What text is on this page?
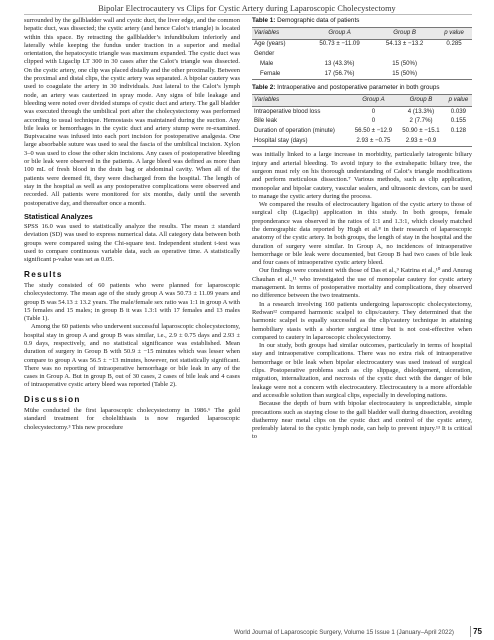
Bipolar Electrocautery vs Clips for Cystic Artery during Laparoscopic Cholecystectomy

surrounded by the gallbladder wall and cystic duct, the liver edge, and the common hepatic duct, was dissected; the cystic artery (and hence Calot’s triangle) is located within this space. By retracting the gallbladder’s infundibulum inferiorly and laterally while keeping the fundus under traction in a superior and medial orientation, the hepatocystic triangle was maximum expanded. The cystic duct was clipped with Ligaclip LT 300 in 30 cases after the Calot’s triangle was dissected. On the cystic artery, one clip was placed distally and the other proximally. Between the proximal and distal clips, the cystic artery was separated. A bipolar cautery was used to coagulate the artery in 30 individuals. Just lateral to the Calot’s lymph node, an artery was cauterized in spray mode. Any signs of bile leakage and bleeding were noted over divided stumps of cystic duct and artery. The gall bladder was executed through the umbilical port after the cholecystectomy was performed according to usual technique. Hemostasis was maintained during the suction. Any bile leaks or hemorrhages in the cystic duct and artery stump were re-examined. Bupivacaine was infused into each port incision for postoperative analgesia. One large absorbable suture was used to seal the fascia of the umbilical incision. Xylon 3–0 was used to close the other skin incisions. Any cases of postoperative bleeding or bile leak were observed in the patients. A large bleed was defined as more than 100 mL of fresh blood in the drain bag or abdominal cavity. When all of the patients were deemed fit, they were discharged from the hospital. The length of stay in the hospital as well as any postoperative complications were observed and recorded. All patients were monitored for six months, daily until the seventh postoperative day, and thereafter once a month.

Statistical Analyzes

SPSS 16.0 was used to statistically analyze the results. The mean ± standard deviation (SD) was used to express numerical data. All category data between both groups were compared using the Chi-square test. Independent student t-test was used to compare continuous variable data, such as operative time. A statistically significant p-value was set as 0.05.

Results

The study consisted of 60 patients who were planned for laparoscopic cholecystectomy. The mean age of the study group A was 50.73 ± 11.09 years and group B was 54.13 ± 13.2 years. The male/female sex ratio was 1:1 in group A with 15 females and 15 males; in group B it was 1.3:1 with 17 females and 13 males (Table 1).

Among the 60 patients who underwent successful laparoscopic cholecystectomy, hospital stay in group A and group B was similar, i.e., 2.9 ± 0.75 days and 2.93 ± 0.9 days, respectively, and no statistical significance was established. Mean duration of surgery in Group B with 50.9 ± −15 minutes which was lesser when compare to group A was 56.5 ± −13 minutes, however, not statistically significant. There was no reporting of intraoperative hemorrhage or bile leak in any of the cases in Group A. But in group B, out of 30 cases, 2 cases of bile leak and 4 cases of intraoperative cystic artery bleed was reported (Table 2).

Discussion

Mühe conducted the first laparoscopic cholecystectomy in 1986.⁶ The gold standard treatment for cholelithiasis is now regarded laparoscopic cholecystectomy.³ This new procedure

Table 1: Demographic data of patients
Variables	Group A	Group B	p value
Age (years)	50.73 ± −11.09	54.13 ± −13.2	0.285
Gender			
Male	13 (43.3%)	15 (50%)	
Female	17 (56.7%)	15 (50%)	
Table 2: Intraoperative and postoperative parameter in both groups
Variables	Group A	Group B	p value
Intraoperative blood loss	0	4 (13.3%)	0.039
Bile leak	0	2 (7.7%)	0.155
Duration of operation (minute)	56.50 ± −12.9	50.90 ± −15.1	0.128
Hospital stay (days)	2.93 ± −0.75	2.93 ± −0.9	

was initially linked to a large increase in morbidity, particularly iatrogenic biliary injury and arterial bleeding. To avoid injury to the extrahepatic biliary tree, the surgeon must rely on his thorough understanding of Calot’s triangle modifications and perform meticulous dissection.⁷ Various methods, such as clip application, monopolar and bipolar cautery, vascular sealers, and ultrasonic devices, can be used to manage the cystic artery during the process.

We compared the results of electrocautery ligation of the cystic artery to those of surgical clip (Ligaclip) application in this study. In both groups, female preponderance was observed in the ratios of 1:1 and 1.3:1, which closely matched the demographic data reported by Hugh et al.⁸ in their research of laparoscopic anatomy of the cystic artery. In both groups, the length of stay in the hospital and the duration of surgery were similar. In Group A, no incidences of intraoperative hemorrhage or bile leak were documented, but Group B had two cases of bile leak and four cases of intraoperative cystic artery bleed.

Our findings were consistent with those of Das et al.,⁹ Katrina et al.,¹⁰ and Anurag Chauhan et al.,¹¹ who investigated the use of monopolar cautery for cystic artery management. In terms of postoperative mortality and complications, they observed no difference between the two treatments.

In a research involving 160 patients undergoing laparoscopic cholecystectomy, Redwan¹² compared harmonic scalpel to clips/cautery. They determined that the harmonic scalpel is equally successful as the clip/cautery technique in attaining hemobiliary stasis with a shorter surgical time but is not cost-effective when compared to cautery in laparoscopic cholecystectomy.

In our study, both groups had similar outcomes, particularly in terms of hospital stay and intraoperative complications. There was no extra risk of intraoperative hemorrhage or bile leak when bipolar electrocautery was used instead of surgical clips. Postoperative problems such as clip slippage, dislodgement, ulceration, migration, internalization, and necrosis of the cystic duct with the danger of bile leakage were not a concern with electrocautery. Electrocautery is a more affordable and accessible solution than surgical clips, especially in developing nations.

Because the depth of burn with bipolar electrocautery is unpredictable, simple precautions such as staying close to the gall bladder wall during dissection, avoiding diathermy near metal clips on the cystic duct and control of the cystic artery, preferably lateral to the cystic lymph node, can help to prevent injury.¹³ It is critical to

World Journal of Laparoscopic Surgery, Volume 15 Issue 1 (January–April 2022) 75
